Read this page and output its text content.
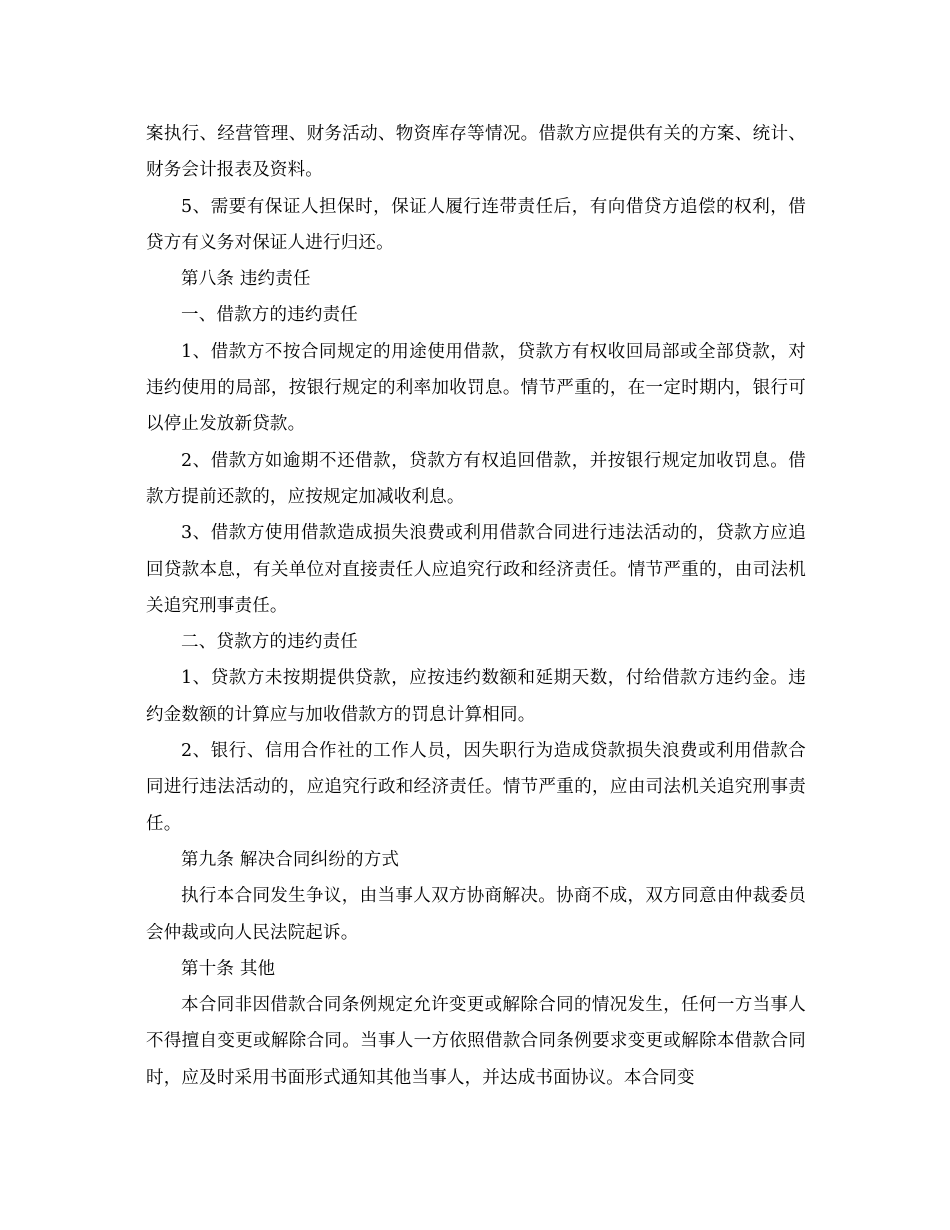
案执行、经营管理、财务活动、物资库存等情况。借款方应提供有关的方案、统计、财务会计报表及资料。

5、需要有保证人担保时，保证人履行连带责任后，有向借贷方追偿的权利，借贷方有义务对保证人进行归还。

第八条 违约责任

一、借款方的违约责任

1、借款方不按合同规定的用途使用借款，贷款方有权收回局部或全部贷款，对违约使用的局部，按银行规定的利率加收罚息。情节严重的，在一定时期内，银行可以停止发放新贷款。

2、借款方如逾期不还借款，贷款方有权追回借款，并按银行规定加收罚息。借款方提前还款的，应按规定加减收利息。

3、借款方使用借款造成损失浪费或利用借款合同进行违法活动的，贷款方应追回贷款本息，有关单位对直接责任人应追究行政和经济责任。情节严重的，由司法机关追究刑事责任。

二、贷款方的违约责任

1、贷款方未按期提供贷款，应按违约数额和延期天数，付给借款方违约金。违约金数额的计算应与加收借款方的罚息计算相同。

2、银行、信用合作社的工作人员，因失职行为造成贷款损失浪费或利用借款合同进行违法活动的，应追究行政和经济责任。情节严重的，应由司法机关追究刑事责任。

第九条 解决合同纠纷的方式

执行本合同发生争议，由当事人双方协商解决。协商不成，双方同意由仲裁委员会仲裁或向人民法院起诉。

第十条 其他

本合同非因借款合同条例规定允许变更或解除合同的情况发生，任何一方当事人不得擅自变更或解除合同。当事人一方依照借款合同条例要求变更或解除本借款合同时，应及时采用书面形式通知其他当事人，并达成书面协议。本合同变
